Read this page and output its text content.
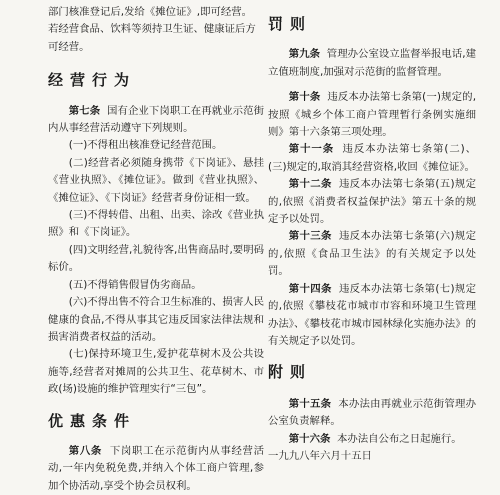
部门核准登记后,发给《摊位证》,即可经营。

若经营食品、饮料等须持卫生证、健康证后方

可经营。

经营行为

第七条 国有企业下岗职工在再就业示范街内从事经营活动遵守下列规则。

(一)不得租出核准登记经营范围。

(二)经营者必须随身携带《下岗证》、悬挂《营业执照》、《摊位证》。做到《营业执照》、《摊位证》、《下岗证》经营者身份证相一致。

(三)不得转借、出租、出卖、涂改《营业执照》和《下岗证》。

(四)文明经营,礼貌待客,出售商品时,要明码标价。

(五)不得销售假冒伪劣商品。

(六)不得出售不符合卫生标准的、损害人民健康的食品,不得从事其它违反国家法律法规和损害消费者权益的活动。

(七)保持环境卫生,爱护花草树木及公共设施等,经营者对摊周的公共卫生、花草树木、市政(场)设施的维护管理实行“三包”。

优惠条件

第八条 下岗职工在示范街内从事经营活动,一年内免税免费,并纳入个体工商户管理,参加个协活动,享受个协会员权利。

罚则

第九条 管理办公室设立监督举报电话,建立值班制度,加强对示范街的监督管理。

第十条 违反本办法第七条第(一)规定的,按照《城乡个体工商户管理暂行条例实施细则》第十六条第三项处理。

第十一条 违反本办法第七条第(二)、(三)规定的,取消其经营资格,收回《摊位证》。

第十二条 违反本办法第七条第(五)规定的,依照《消费者权益保护法》第五十条的规定予以处罚。

第十三条 违反本办法第七条第(六)规定的,依照《食品卫生法》的有关规定予以处罚。

第十四条 违反本办法第七条第(七)规定的,依照《攀枝花市城市市容和环境卫生管理办法》、《攀枝花市城市园林绿化实施办法》的有关规定予以处罚。

附则

第十五条 本办法由再就业示范街管理办公室负责解释。

第十六条 本办法自公布之日起施行。

一九九八年六月十五日
